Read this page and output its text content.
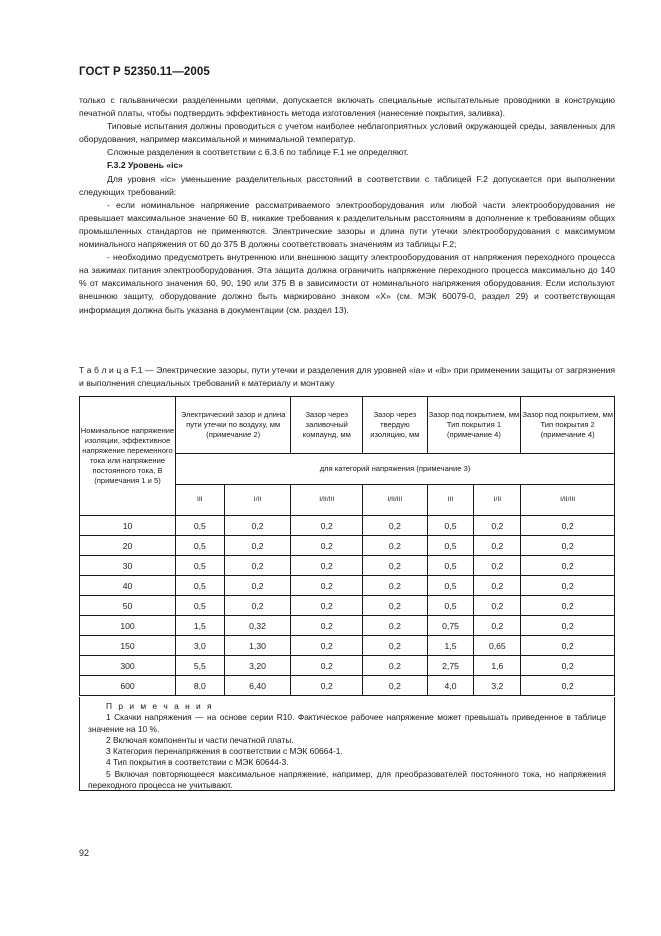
ГОСТ Р 52350.11—2005

только с гальванически разделенными цепями, допускается включать специальные испытательные проводники в конструкцию печатной платы, чтобы подтвердить эффективность метода изготовления (нанесение покрытия, заливка).

Типовые испытания должны проводиться с учетом наиболее неблагоприятных условий окружающей среды, заявленных для оборудования, например максимальной и минимальной температур.

Сложные разделения в соответствии с 6.3.6 по таблице F.1 не определяют.

F.3.2 Уровень «ic»

Для уровня «ic» уменьшение разделительных расстояний в соответствии с таблицей F.2 допускается при выполнении следующих требований:

- если номинальное напряжение рассматриваемого электрооборудования или любой части электрооборудования не превышает максимальное значение 60 В, никакие требования к разделительным расстояниям в дополнение к требованиям общих промышленных стандартов не применяются. Электрические зазоры и длина пути утечки электрооборудования с максимумом номинального напряжения от 60 до 375 В должны соответствовать значениям из таблицы F.2;

- необходимо предусмотреть внутреннюю или внешнюю защиту электрооборудования от напряжения переходного процесса на зажимах питания электрооборудования. Эта защита должна ограничить напряжение переходного процесса максимально до 140 % от максимального значения 60, 90, 190 или 375 В в зависимости от номинального напряжения оборудования. Если используют внешнюю защиту, оборудование должно быть маркировано знаком «X» (см. МЭК 60079-0, раздел 29) и соответствующая информация должна быть указана в документации (см. раздел 13).

Т а б л и ц а F.1 — Электрические зазоры, пути утечки и разделения для уровней «ia» и «ib» при применении защиты от загрязнения и выполнения специальных требований к материалу и монтажу
Номинальное напряжение изоляции, эффективное напряжение переменного тока или напряжение постоянного тока, В (примечания 1 и 5)	Электрический зазор и длина пути утечки по воздуху, мм (примечание 2)		Зазор через заливочный компаунд, мм	Зазор через твердую изоляцию, мм	Зазор под покрытием, мм Тип покрытия 1 (примечание 4)		Зазор под покрытием, мм Тип покрытия 2 (примечание 4)
	для категорий напряжения (примечание 3)						
	III	I/II	I/II/III	I/II/III	III	I/II	I/II/III
10	0,5	0,2	0,2	0,2	0,5	0,2	0,2
20	0,5	0,2	0,2	0,2	0,5	0,2	0,2
30	0,5	0,2	0,2	0,2	0,5	0,2	0,2
40	0,5	0,2	0,2	0,2	0,5	0,2	0,2
50	0,5	0,2	0,2	0,2	0,5	0,2	0,2
100	1,5	0,32	0,2	0,2	0,75	0,2	0,2
150	3,0	1,30	0,2	0,2	1,5	0,65	0,2
300	5,5	3,20	0,2	0,2	2,75	1,6	0,2
600	8,0	6,40	0,2	0,2	4,0	3,2	0,2

П р и м е ч а н и я

1 Скачки напряжения — на основе серии R10. Фактическое рабочее напряжение может превышать приведенное в таблице значение на 10 %.

2 Включая компоненты и части печатной платы.

3 Категория перенапряжения в соответствии с МЭК 60664-1.

4 Тип покрытия в соответствии с МЭК 60644-3.

5 Включая повторяющееся максимальное напряжение, например, для преобразователей постоянного тока, но напряжения переходного процесса не учитывают.

92
